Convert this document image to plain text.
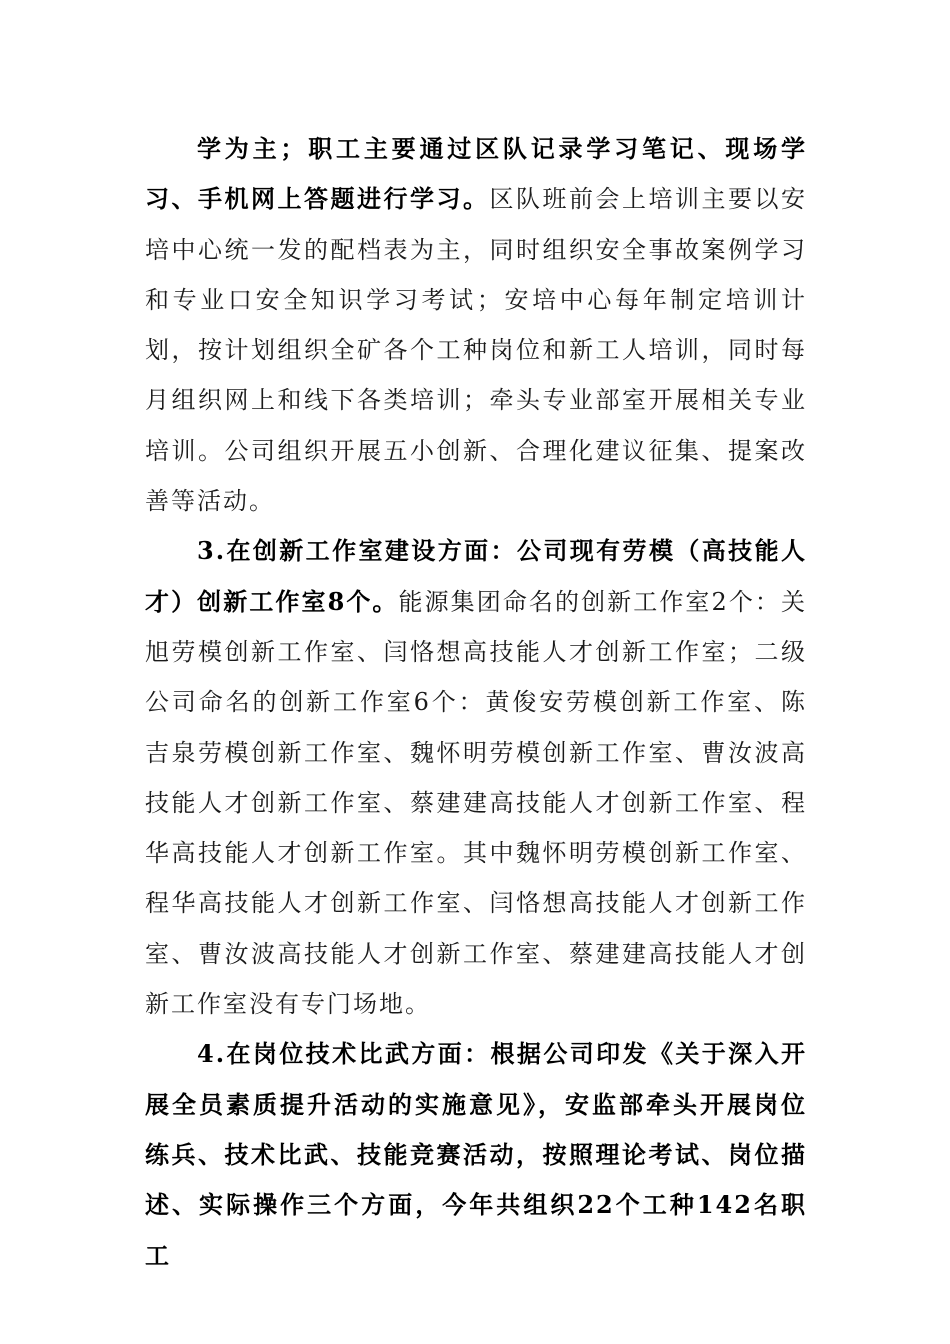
学为主；职工主要通过区队记录学习笔记、现场学习、手机网上答题进行学习。区队班前会上培训主要以安培中心统一发的配档表为主，同时组织安全事故案例学习和专业口安全知识学习考试；安培中心每年制定培训计划，按计划组织全矿各个工种岗位和新工人培训，同时每月组织网上和线下各类培训；牵头专业部室开展相关专业培训。公司组织开展五小创新、合理化建议征集、提案改善等活动。

3.在创新工作室建设方面：公司现有劳模（高技能人才）创新工作室8个。能源集团命名的创新工作室2个：关旭劳模创新工作室、闫恪想高技能人才创新工作室；二级公司命名的创新工作室6个：黄俊安劳模创新工作室、陈吉泉劳模创新工作室、魏怀明劳模创新工作室、曹汝波高技能人才创新工作室、蔡建建高技能人才创新工作室、程华高技能人才创新工作室。其中魏怀明劳模创新工作室、程华高技能人才创新工作室、闫恪想高技能人才创新工作室、曹汝波高技能人才创新工作室、蔡建建高技能人才创新工作室没有专门场地。

4.在岗位技术比武方面：根据公司印发《关于深入开展全员素质提升活动的实施意见》，安监部牵头开展岗位练兵、技术比武、技能竞赛活动，按照理论考试、岗位描述、实际操作三个方面，今年共组织22个工种142名职工
